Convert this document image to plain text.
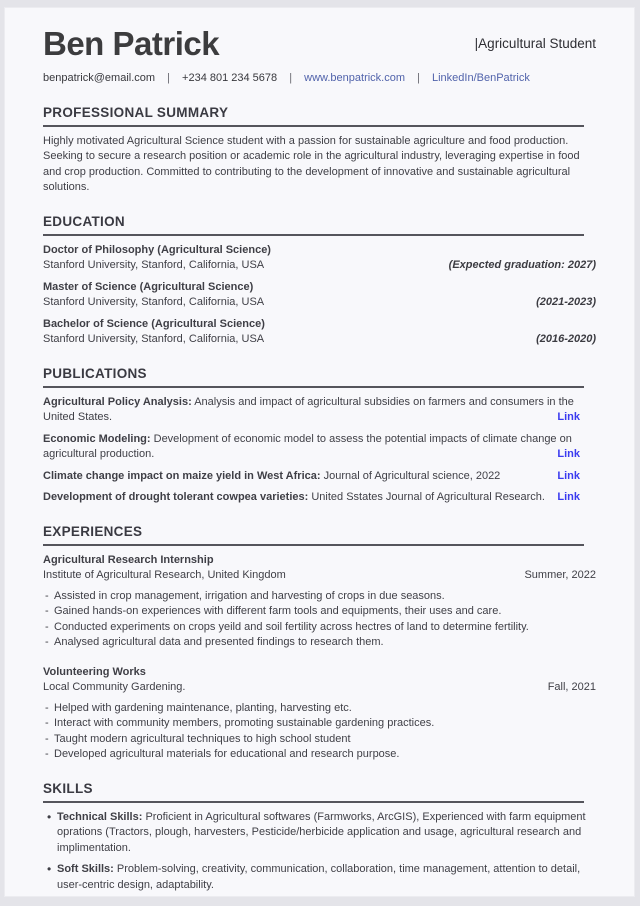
Ben Patrick	|Agricultural Student
benpatrick@email.com | +234 801 234 5678 | www.benpatrick.com | LinkedIn/BenPatrick
PROFESSIONAL SUMMARY
Highly motivated Agricultural Science student with a passion for sustainable agriculture and food production. Seeking to secure a research position or academic role in the agricultural industry, leveraging expertise in food and crop production. Committed to contributing to the development of innovative and sustainable agricultural solutions.
EDUCATION
Doctor of Philosophy (Agricultural Science)
Stanford University, Stanford, California, USA	(Expected graduation: 2027)
Master of Science (Agricultural Science)
Stanford University, Stanford, California, USA	(2021-2023)
Bachelor of Science (Agricultural Science)
Stanford University, Stanford, California, USA	(2016-2020)
PUBLICATIONS
Agricultural Policy Analysis: Analysis and impact of agricultural subsidies on farmers and consumers in the United States.	Link
Economic Modeling: Development of economic model to assess the potential impacts of climate change on agricultural production.	Link
Climate change impact on maize yield in West Africa: Journal of Agricultural science, 2022	Link
Development of drought tolerant cowpea varieties: United Sstates Journal of Agricultural Research. Link
EXPERIENCES
Agricultural Research Internship
Institute of Agricultural Research, United Kingdom	Summer, 2022
- Assisted in crop management, irrigation and harvesting of crops in due seasons.
- Gained hands-on experiences with different farm tools and equipments, their uses and care.
- Conducted experiments on crops yeild and soil fertility across hectres of land to determine fertility.
- Analysed agricultural data and presented findings to research them.
Volunteering Works
Local Community Gardening.	Fall, 2021
- Helped with gardening maintenance, planting, harvesting etc.
- Interact with community members, promoting sustainable gardening practices.
- Taught modern agricultural techniques to high school student
- Developed agricultural materials for educational and research purpose.
SKILLS
• Technical Skills: Proficient in Agricultural softwares (Farmworks, ArcGIS), Experienced with farm equipment oprations (Tractors, plough, harvesters, Pesticide/herbicide application and usage, agricultural research and implimentation.
• Soft Skills: Problem-solving, creativity, communication, collaboration, time management, attention to detail, user-centric design, adaptability.
